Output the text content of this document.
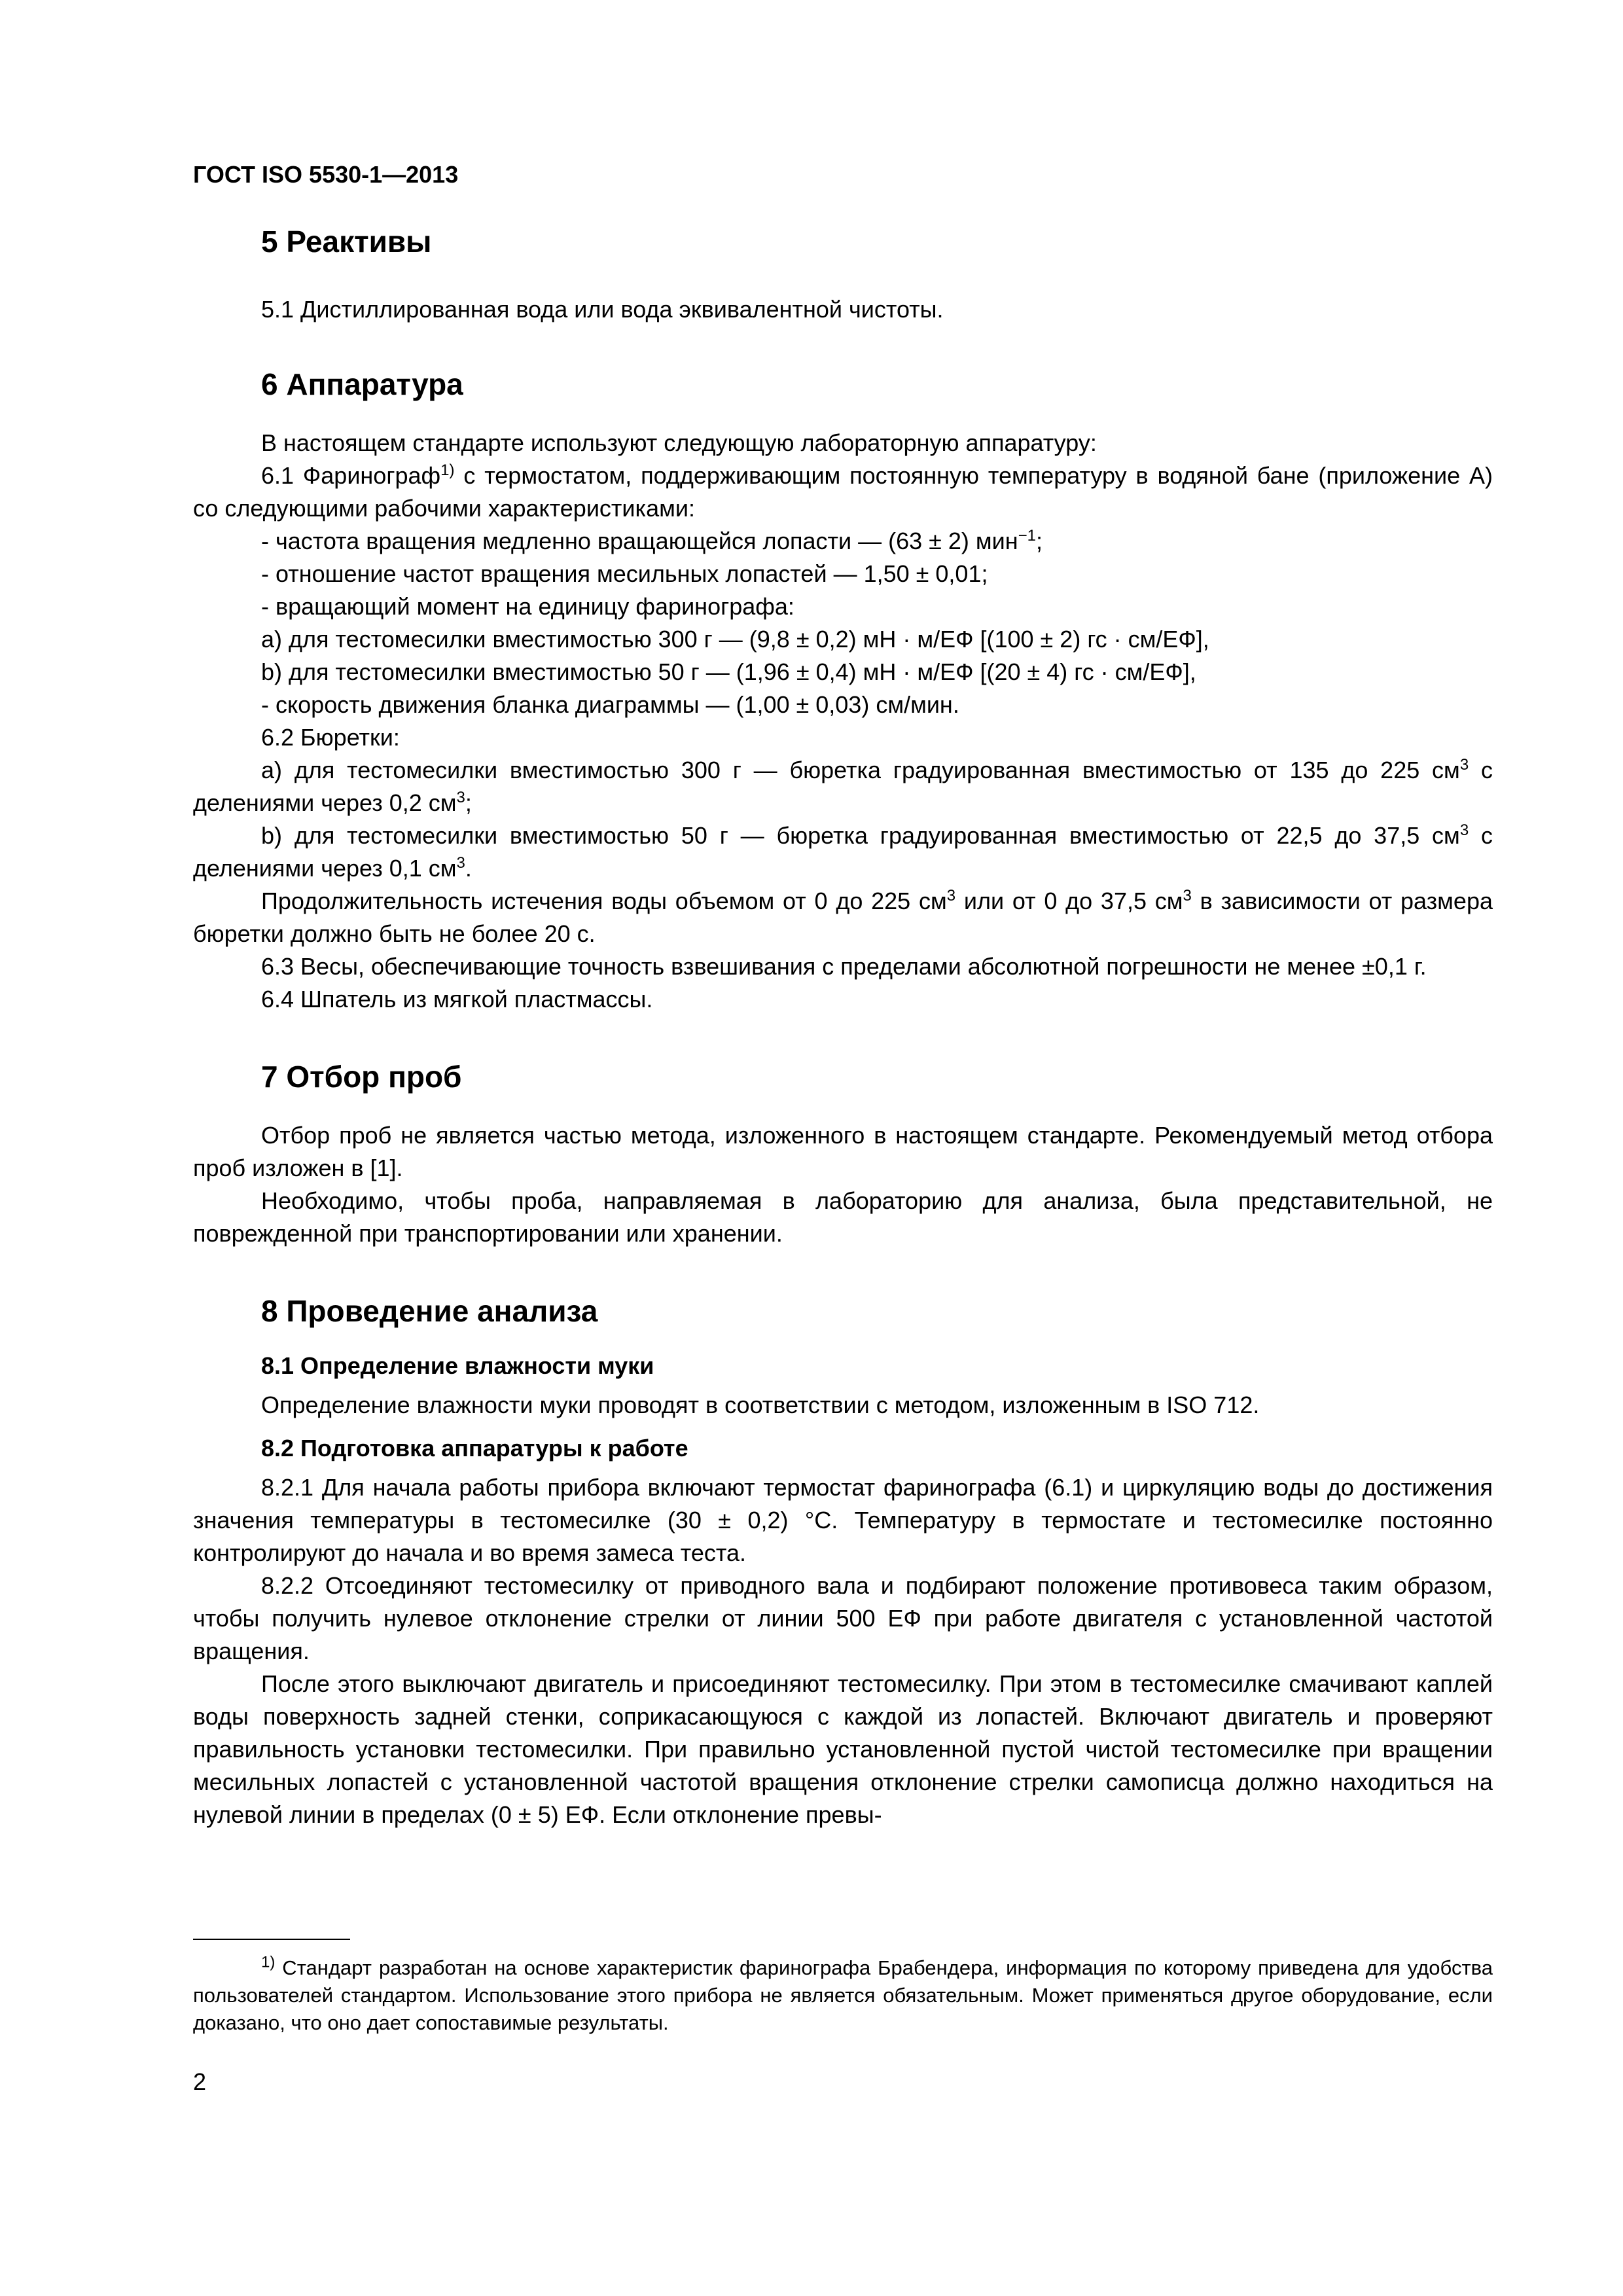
ГОСТ ISO 5530-1—2013
5 Реактивы
5.1 Дистиллированная вода или вода эквивалентной чистоты.
6 Аппаратура
В настоящем стандарте используют следующую лабораторную аппаратуру:
6.1 Фаринограф$^{1)}$ с термостатом, поддерживающим постоянную температуру в водяной бане (приложение А) со следующими рабочими характеристиками:
- частота вращения медленно вращающейся лопасти — (63 ± 2) мин$^{-1}$;
- отношение частот вращения месильных лопастей — 1,50 ± 0,01;
- вращающий момент на единицу фаринографа:
a) для тестомесилки вместимостью 300 г — (9,8 ± 0,2) мН · м/ЕФ [(100 ± 2) гс · см/ЕФ],
b) для тестомесилки вместимостью 50 г — (1,96 ± 0,4) мН · м/ЕФ [(20 ± 4) гс · см/ЕФ],
- скорость движения бланка диаграммы — (1,00 ± 0,03) см/мин.
6.2 Бюретки:
a) для тестомесилки вместимостью 300 г — бюретка градуированная вместимостью от 135 до 225 $см^3$ с делениями через 0,2 $см^3$;
b) для тестомесилки вместимостью 50 г — бюретка градуированная вместимостью от 22,5 до 37,5 $см^3$ с делениями через 0,1 $см^3$.
Продолжительность истечения воды объемом от 0 до 225 $см^3$ или от 0 до 37,5 $см^3$ в зависимости от размера бюретки должно быть не более 20 с.
6.3 Весы, обеспечивающие точность взвешивания с пределами абсолютной погрешности не менее ±0,1 г.
6.4 Шпатель из мягкой пластмассы.
7 Отбор проб
Отбор проб не является частью метода, изложенного в настоящем стандарте. Рекомендуемый метод отбора проб изложен в [1].
Необходимо, чтобы проба, направляемая в лабораторию для анализа, была представительной, не поврежденной при транспортировании или хранении.
8 Проведение анализа
8.1 Определение влажности муки
Определение влажности муки проводят в соответствии с методом, изложенным в ISO 712.
8.2 Подготовка аппаратуры к работе
8.2.1 Для начала работы прибора включают термостат фаринографа (6.1) и циркуляцию воды до достижения значения температуры в тестомесилке (30 ± 0,2) °С. Температуру в термостате и тестомесилке постоянно контролируют до начала и во время замеса теста.
8.2.2 Отсоединяют тестомесилку от приводного вала и подбирают положение противовеса таким образом, чтобы получить нулевое отклонение стрелки от линии 500 ЕФ при работе двигателя с установленной частотой вращения.
После этого выключают двигатель и присоединяют тестомесилку. При этом в тестомесилке смачивают каплей воды поверхность задней стенки, соприкасающуюся с каждой из лопастей. Включают двигатель и проверяют правильность установки тестомесилки. При правильно установленной пустой чистой тестомесилке при вращении месильных лопастей с установленной частотой вращения отклонение стрелки самописца должно находиться на нулевой линии в пределах (0 ± 5) ЕФ. Если отклонение превы-
$^{1)}$ Стандарт разработан на основе характеристик фаринографа Брабендера, информация по которому приведена для удобства пользователей стандартом. Использование этого прибора не является обязательным. Может применяться другое оборудование, если доказано, что оно дает сопоставимые результаты.
2
